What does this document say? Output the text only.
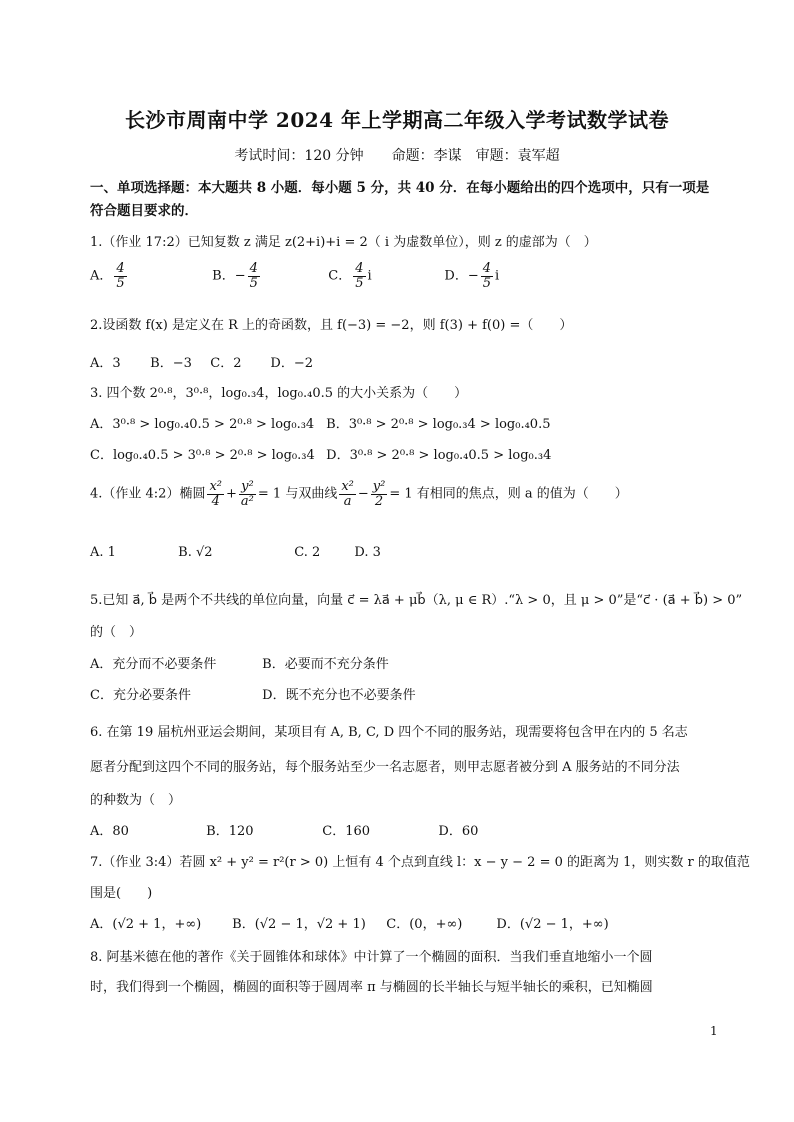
长沙市周南中学 2024 年上学期高二年级入学考试数学试卷
考试时间：120 分钟　　命题：李谋　审题：袁军超
一、单项选择题：本大题共 8 小题．每小题 5 分，共 40 分．在每小题给出的四个选项中，只有一项是
符合题目要求的．
1.（作业 17:2）已知复数 z 满足 z(2+i)+i = 2（ i 为虚数单位），则 z 的虚部为（　）
A． $\frac{4}{5}$	B．− $\frac{4}{5}$	C． $\frac{4}{5}$ i	D．− $\frac{4}{5}$ i
2.设函数 f(x) 是定义在 R 上的奇函数，且 f(−3) = −2，则 f(3) + f(0) =（　　）
A．3 B．−3 C．2 D．−2
3. 四个数 2⁰·⁸，3⁰·⁸，log₀.₃4，log₀.₄0.5 的大小关系为（　　）
A．3⁰·⁸ > log₀.₄0.5 > 2⁰·⁸ > log₀.₃4 B．3⁰·⁸ > 2⁰·⁸ > log₀.₃4 > log₀.₄0.5
C．log₀.₄0.5 > 3⁰·⁸ > 2⁰·⁸ > log₀.₃4 D．3⁰·⁸ > 2⁰·⁸ > log₀.₄0.5 > log₀.₃4
4.（作业 4:2）椭圆 $\frac{\text{x²}}{4} + \frac{\text{y²}}{\text{a²}} = 1$ 与双曲线 $\frac{\text{x²}}{a} - \frac{\text{y²}}{2} = 1$ 有相同的焦点，则 a 的值为（　　）
A. 1	B. √2	C. 2	D. 3
5.已知 a⃗, b⃗ 是两个不共线的单位向量，向量 c⃗ = λa⃗ + μb⃗（λ, μ ∈ R）.“λ > 0，且 μ > 0”是“c⃗ · (a⃗ + b⃗) > 0”
的（　）
A．充分而不必要条件	B．必要而不充分条件
C．充分必要条件	D．既不充分也不必要条件
6. 在第 19 届杭州亚运会期间，某项目有 A, B, C, D 四个不同的服务站，现需要将包含甲在内的 5 名志
愿者分配到这四个不同的服务站，每个服务站至少一名志愿者，则甲志愿者被分到 A 服务站的不同分法
的种数为（　）
A．80	B．120	C．160	D．60
7.（作业 3:4）若圆 x² + y² = r²(r > 0) 上恒有 4 个点到直线 l：x − y − 2 = 0 的距离为 1，则实数 r 的取值范
围是(　　)
A．(√2 + 1，+∞) B．(√2 − 1，√2 + 1) C．(0，+∞)	D．(√2 − 1，+∞)
8. 阿基米德在他的著作《关于圆锥体和球体》中计算了一个椭圆的面积．当我们垂直地缩小一个圆
时，我们得到一个椭圆，椭圆的面积等于圆周率 π 与椭圆的长半轴长与短半轴长的乘积，已知椭圆
1
